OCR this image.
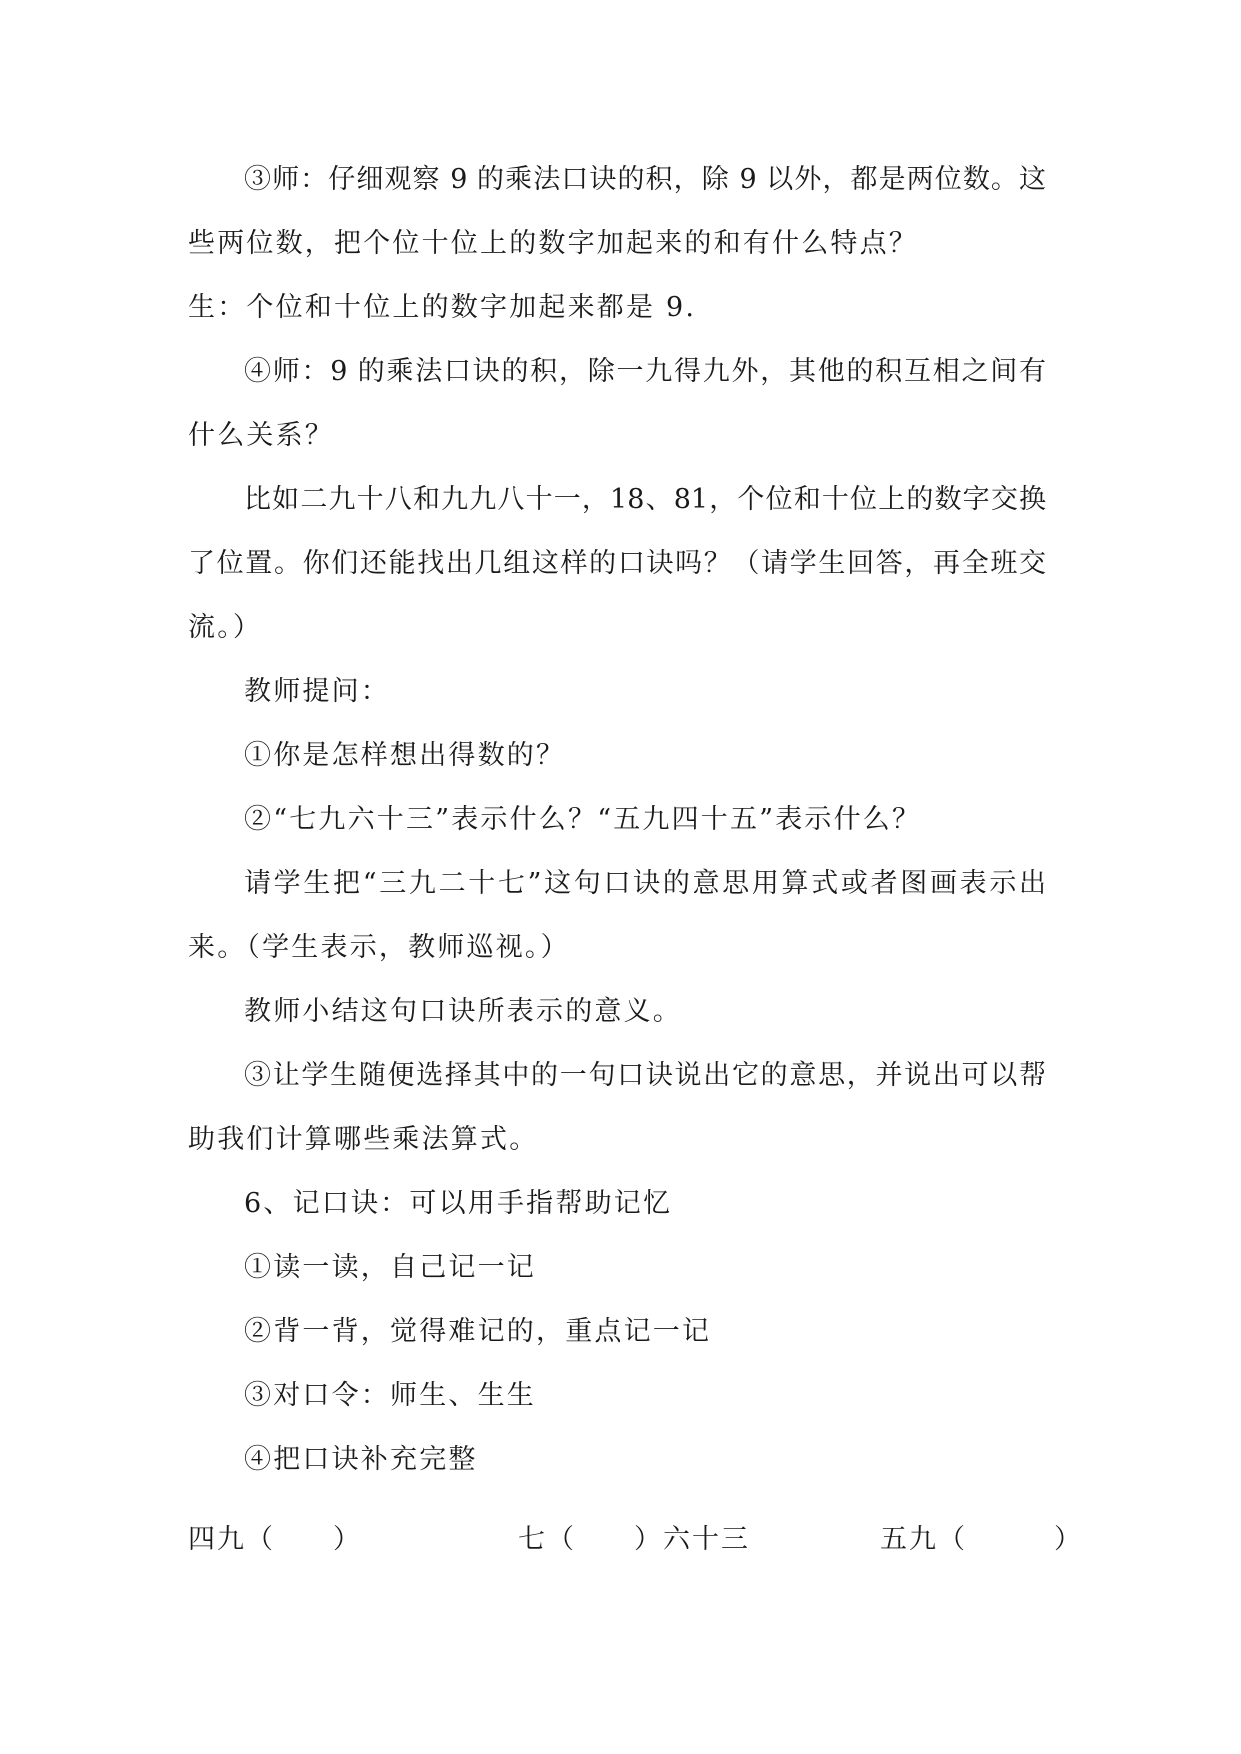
③师：仔细观察 9 的乘法口诀的积，除 9 以外，都是两位数。这

些两位数，把个位十位上的数字加起来的和有什么特点？

生：个位和十位上的数字加起来都是 9.

④师：9 的乘法口诀的积，除一九得九外，其他的积互相之间有

什么关系？

比如二九十八和九九八十一，18、81，个位和十位上的数字交换

了位置。你们还能找出几组这样的口诀吗？（请学生回答，再全班交

流。）

教师提问：

①你是怎样想出得数的？

②“七九六十三”表示什么？“五九四十五”表示什么？

请学生把“三九二十七”这句口诀的意思用算式或者图画表示出

来。（学生表示，教师巡视。）

教师小结这句口诀所表示的意义。

③让学生随便选择其中的一句口诀说出它的意思，并说出可以帮

助我们计算哪些乘法算式。

6、记口诀：可以用手指帮助记忆

①读一读，自己记一记

②背一背，觉得难记的，重点记一记

③对口令：师生、生生

④把口诀补充完整

四九（　　）	七（　　）六十三	五九（　　　）
